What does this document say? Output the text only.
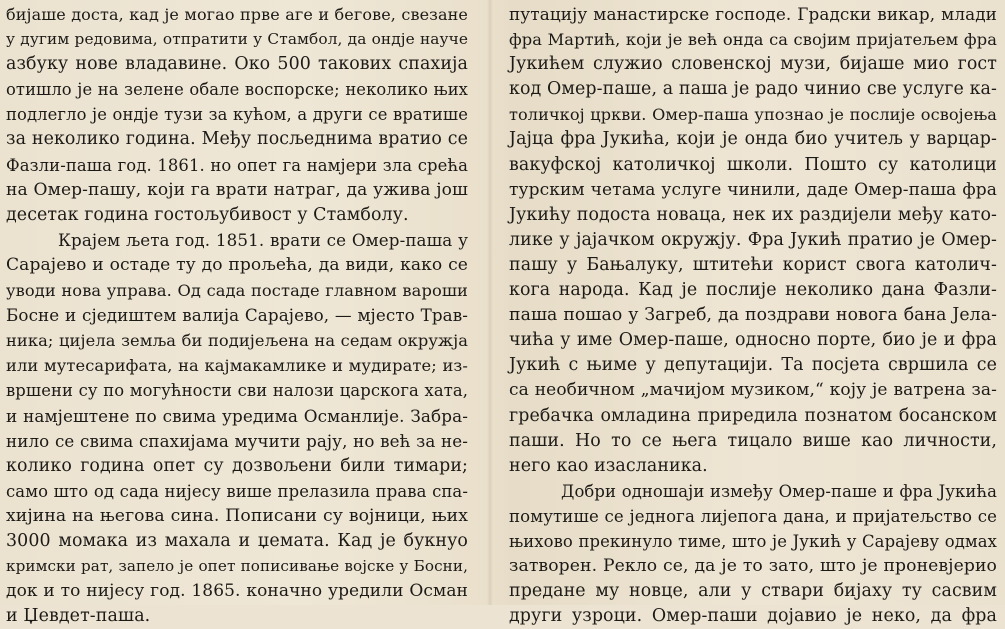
бијаше доста, кад је могао прве аге и бегове, свезане
у дугим редовима, отпратити у Стамбол, да ондје науче
азбуку нове владавине. Око 500 такових спахија
отишло је на зелене обале воспорске; неколико њих
подлегло је ондје тузи за кућом, а други се вратише
за неколико година. Међу посљеднима вратио се
Фазли-паша год. 1861. но опет га намјери зла срећа
на Омер-пашу, који га врати натраг, да ужива још
десетак година гостољубивост у Стамболу.
Крајем љета год. 1851. врати се Омер-паша у
Сарајево и остаде ту до прољећа, да види, како се
уводи нова управа. Од сада постаде главном вароши
Босне и сједиштем валија Сарајево, — мјесто Трав-
ника; цијела земља би подијељена на седам окружја
или мутесарифата, на кајмакамлике и мудирате; из-
вршени су по могућности сви налози царскога хата,
и намјештене по свима уредима Османлије. Забра-
нило се свима спахијама мучити рају, но већ за не-
колико година опет су дозвољени били тимари;
само што од сада нијесу више прелазила права спа-
хијина на његова сина. Пописани су војници, њих
3000 момака из махала и џемата. Кад је букнуо
кримски рат, запело је опет пописивање војске у Босни,
док и то нијесу год. 1865. коначно уредили Осман
и Џевдет-паша.
путацију манастирске господе. Градски викар, млади
фра Мартић, који је већ онда са својим пријатељем фра
Јукићем служио словенској музи, бијаше мио гост
код Омер-паше, а паша је радо чинио све услуге ка-
толичкој цркви. Омер-паша упознао је послије освојења
Јајца фра Јукића, који је онда био учитељ у варцар-
вакуфској католичкој школи. Пошто су католици
турским четама услуге чинили, даде Омер-паша фра
Јукићу подоста новаца, нек их раздијели међу като-
лике у јајачком окружју. Фра Јукић пратио је Омер-
пашу у Бањалуку, штитећи корист свога католич-
кога народа. Кад је послије неколико дана Фазли-
паша пошао у Загреб, да поздрави новога бана Јела-
чића у име Омер-паше, односно порте, био је и фра
Јукић с њиме у депутацији. Та посјета свршила се
са необичном „мачијом музиком,“ коју је ватрена за-
гребачка омладина приредила познатом босанском
паши. Но то се њега тицало више као личности,
него као изасланика.
Добри одношаји између Омер-паше и фра Јукића
помутише се једнога лијепога дана, и пријатељство се
њихово прекинуло тиме, што је Јукић у Сарајеву одмах
затворен. Рекло се, да је то зато, што је проневјерио
предане му новце, али у ствари бијаху ту сасвим
други узроци. Омер-паши дојавио је неко, да фра
